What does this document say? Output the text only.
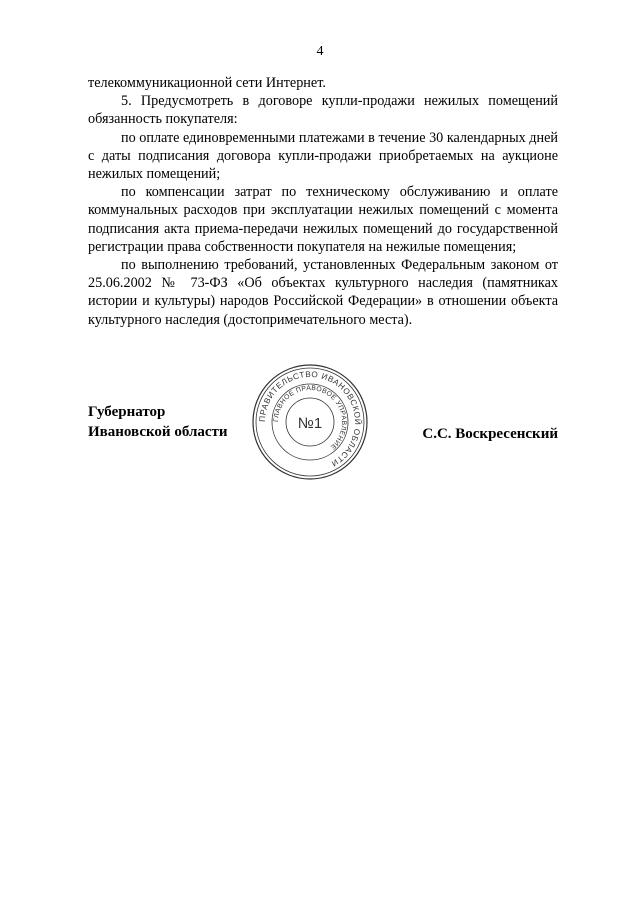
4

телекоммуникационной сети Интернет.

5. Предусмотреть в договоре купли-продажи нежилых помещений обязанность покупателя:

по оплате единовременными платежами в течение 30 календарных дней с даты подписания договора купли-продажи приобретаемых на аукционе нежилых помещений;

по компенсации затрат по техническому обслуживанию и оплате коммунальных расходов при эксплуатации нежилых помещений с момента подписания акта приема-передачи нежилых помещений до государственной регистрации права собственности покупателя на нежилые помещения;

по выполнению требований, установленных Федеральным законом от 25.06.2002 № 73-ФЗ «Об объектах культурного наследия (памятниках истории и культуры) народов Российской Федерации» в отношении объекта культурного наследия (достопримечательного места).

Губернатор
Ивановской области
ПРАВИТЕЛЬСТВО ИВАНОВСКОЙ ОБЛАСТИ
ГЛАВНОЕ ПРАВОВОЕ УПРАВЛЕНИЕ
№1
С.С. Воскресенский
